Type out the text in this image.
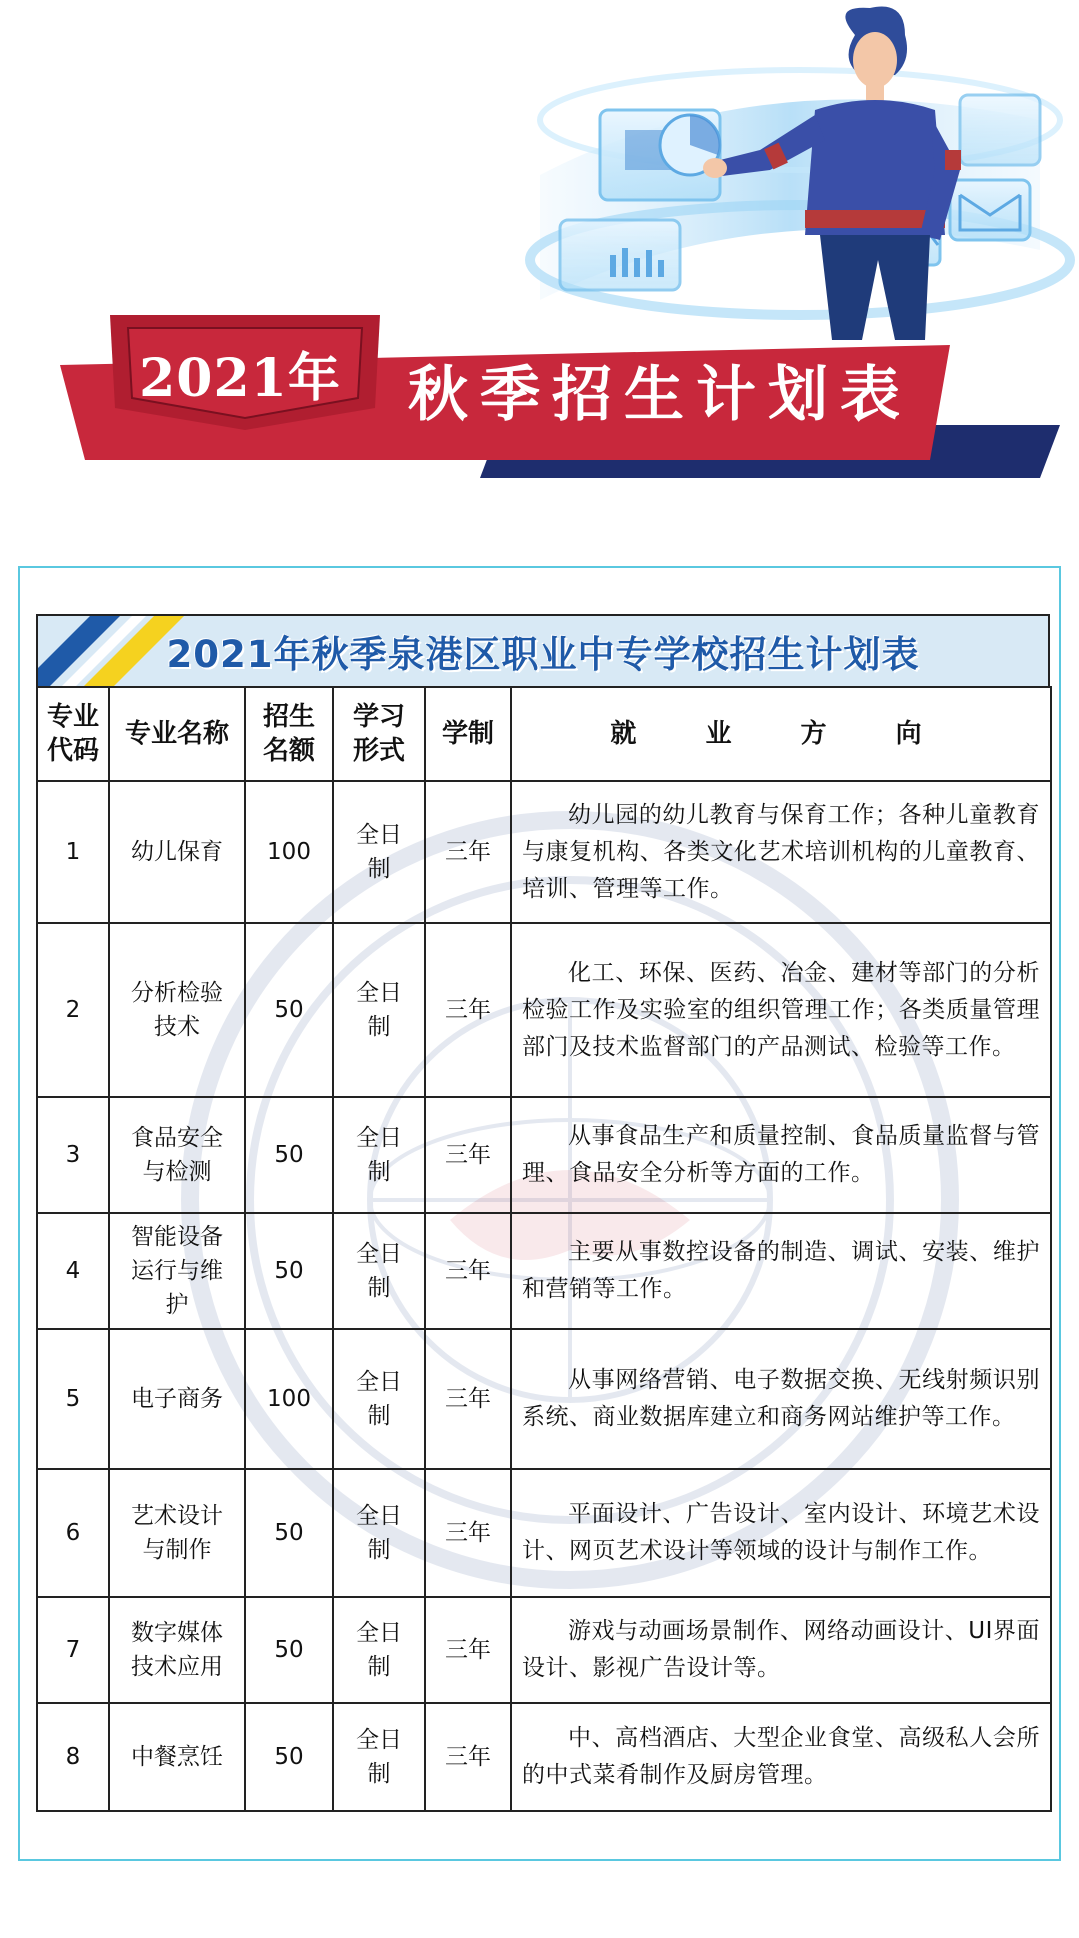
2021年	秋季招生计划表
2021年秋季泉港区职业中专学校招生计划表
专业代码	专业名称	招生名额	学习形式	学制	就 业 方 向
1	幼儿保育	100	全日制	三年	幼儿园的幼儿教育与保育工作；各种儿童教育与康复机构、各类文化艺术培训机构的儿童教育、培训、管理等工作。
2	分析检验技术	50	全日制	三年	化工、环保、医药、冶金、建材等部门的分析检验工作及实验室的组织管理工作；各类质量管理部门及技术监督部门的产品测试、检验等工作。
3	食品安全与检测	50	全日制	三年	从事食品生产和质量控制、食品质量监督与管理、食品安全分析等方面的工作。
4	智能设备运行与维护	50	全日制	三年	主要从事数控设备的制造、调试、安装、维护和营销等工作。
5	电子商务	100	全日制	三年	从事网络营销、电子数据交换、无线射频识别系统、商业数据库建立和商务网站维护等工作。
6	艺术设计与制作	50	全日制	三年	平面设计、广告设计、室内设计、环境艺术设计、网页艺术设计等领域的设计与制作工作。
7	数字媒体技术应用	50	全日制	三年	游戏与动画场景制作、网络动画设计、UI界面设计、影视广告设计等。
8	中餐烹饪	50	全日制	三年	中、高档酒店、大型企业食堂、高级私人会所的中式菜肴制作及厨房管理。
